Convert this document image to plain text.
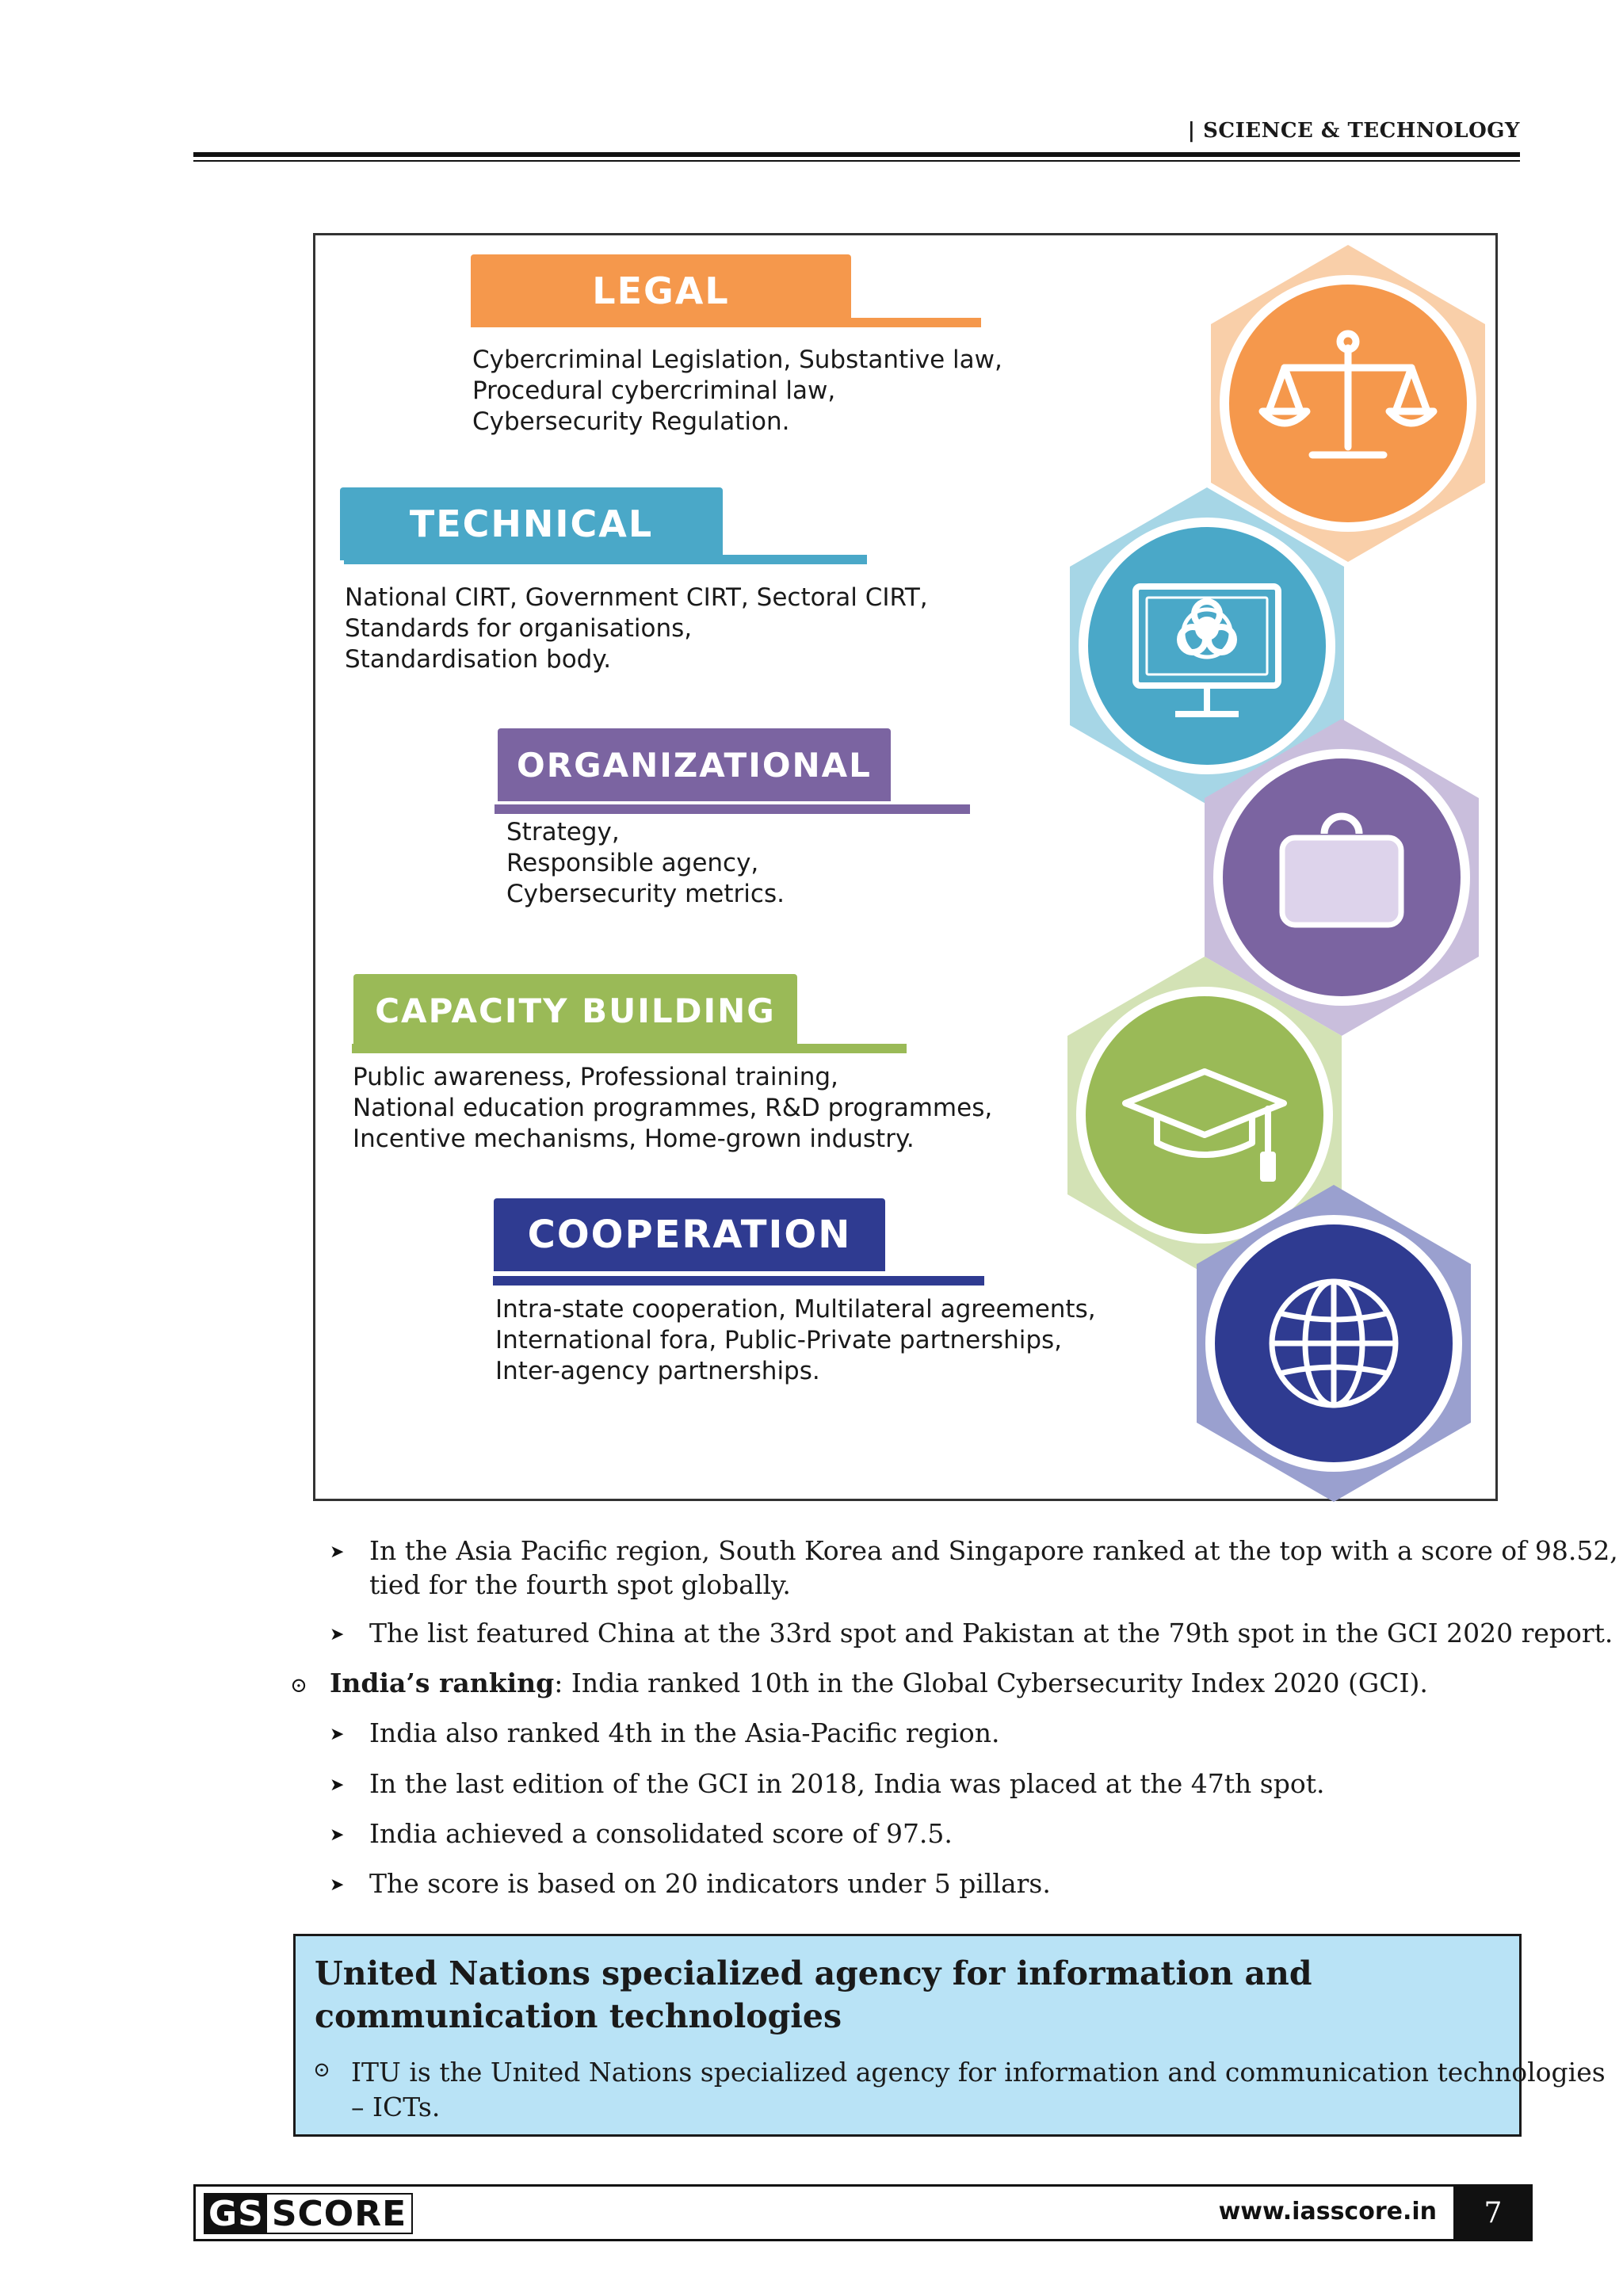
| SCIENCE & TECHNOLOGY
LEGAL
Cybercriminal Legislation, Substantive law,
Procedural cybercriminal law,
Cybersecurity Regulation.
TECHNICAL
National CIRT, Government CIRT, Sectoral CIRT,
Standards for organisations,
Standardisation body.
ORGANIZATIONAL
Strategy,
Responsible agency,
Cybersecurity metrics.
CAPACITY BUILDING
Public awareness, Professional training,
National education programmes, R&D programmes,
Incentive mechanisms, Home-grown industry.
COOPERATION
Intra-state cooperation, Multilateral agreements,
International fora, Public-Private partnerships,
Inter-agency partnerships.
➤ In the Asia Pacific region, South Korea and Singapore ranked at the top with a score of 98.52,
tied for the fourth spot globally.
➤ The list featured China at the 33rd spot and Pakistan at the 79th spot in the GCI 2020 report.
⊙ India’s ranking: India ranked 10th in the Global Cybersecurity Index 2020 (GCI).
➤ India also ranked 4th in the Asia-Pacific region.
➤ In the last edition of the GCI in 2018, India was placed at the 47th spot.
➤ India achieved a consolidated score of 97.5.
➤ The score is based on 20 indicators under 5 pillars.
United Nations specialized agency for information and
communication technologies
⊙ ITU is the United Nations specialized agency for information and communication technologies
– ICTs.
GS SCORE	www.iasscore.in	7
